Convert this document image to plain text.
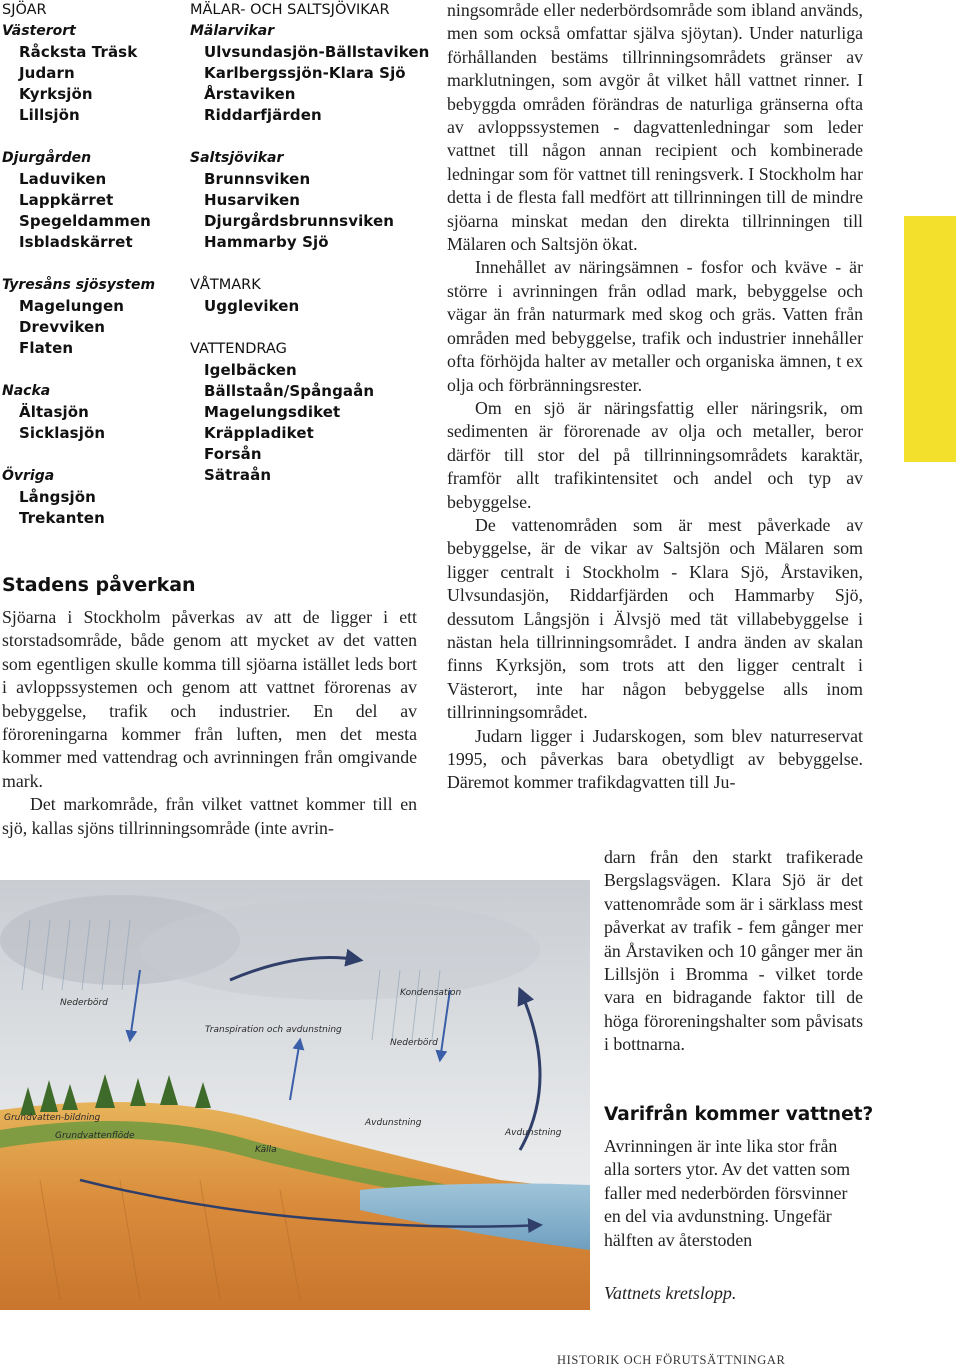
SJÖAR
Västerort
Råcksta Träsk
Judarn
Kyrksjön
Lillsjön
Djurgården
Laduviken
Lappkärret
Spegeldammen
Isbladskärret
Tyresåns sjösystem
Magelungen
Drevviken
Flaten
Nacka
Ältasjön
Sicklasjön
Övriga
Långsjön
Trekanten
MÄLAR- OCH SALTSJÖVIKAR
Mälarvikar
Ulvsundasjön-Bällstaviken
Karlbergssjön-Klara Sjö
Årstaviken
Riddarfjärden
Saltsjövikar
Brunnsviken
Husarviken
Djurgårdsbrunnsviken
Hammarby Sjö
VÅTMARK
Uggleviken
VATTENDRAG
Igelbäcken
Bällstaån/Spångaån
Magelungsdiket
Kräppladiket
Forsån
Sätraån
Stadens påverkan

Sjöarna i Stockholm påverkas av att de ligger i ett storstadsområde, både genom att mycket av det vatten som egentligen skulle komma till sjöarna istället leds bort i avloppssystemen och genom att vattnet förorenas av bebyggelse, trafik och industrier. En del av föroreningarna kommer från luften, men det mesta kommer med vattendrag och avrinningen från omgivande mark.

Det markområde, från vilket vattnet kommer till en sjö, kallas sjöns tillrinningsområde (inte avrin-

ningsområde eller nederbördsområde som ibland används, men som också omfattar själva sjöytan). Under naturliga förhållanden bestäms tillrinningsområdets gränser av marklutningen, som avgör åt vilket håll vattnet rinner. I bebyggda områden förändras de naturliga gränserna ofta av avloppssystemen - dagvattenledningar som leder vattnet till någon annan recipient och kombinerade ledningar som för vattnet till reningsverk. I Stockholm har detta i de flesta fall medfört att tillrinningen till de mindre sjöarna minskat medan den direkta tillrinningen till Mälaren och Saltsjön ökat.

Innehållet av näringsämnen - fosfor och kväve - är större i avrinningen från odlad mark, bebyggelse och vägar än från naturmark med skog och gräs. Vatten från områden med bebyggelse, trafik och industrier innehåller ofta förhöjda halter av metaller och organiska ämnen, t ex olja och förbränningsrester.

Om en sjö är näringsfattig eller näringsrik, om sedimenten är förorenade av olja och metaller, beror därför till stor del på tillrinningsområdets karaktär, framför allt trafikintensitet och andel och typ av bebyggelse.

De vattenområden som är mest påverkade av bebyggelse, är de vikar av Saltsjön och Mälaren som ligger centralt i Stockholm - Klara Sjö, Årstaviken, Ulvsundasjön, Riddarfjärden och Hammarby Sjö, dessutom Långsjön i Älvsjö med tät villabebyggelse i nästan hela tillrinningsområdet. I andra änden av skalan finns Kyrksjön, som trots att den ligger centralt i Västerort, inte har någon bebyggelse alls inom tillrinningsområdet.

Judarn ligger i Judarskogen, som blev naturreservat 1995, och påverkas bara obetydligt av bebyggelse. Däremot kommer trafikdagvatten till Ju-

darn från den starkt trafikerade Bergslagsvägen. Klara Sjö är det vattenområde som är i särklass mest påverkat av trafik - fem gånger mer än Årstaviken och 10 gånger mer än Lillsjön i Bromma - vilket torde vara en bidragande faktor till de höga föroreningshalter som påvisats i bottnarna.

Nederbörd
Kondensation
Transpiration och avdunstning
Nederbörd
Grundvatten-bildning
Grundvattenflöde
Avdunstning
Källa
Avdunstning
Varifrån kommer vattnet?

Avrinningen är inte lika stor från alla sorters ytor. Av det vatten som faller med nederbörden försvinner en del via avdunstning. Ungefär hälften av återstoden

Vattnets kretslopp.
HISTORIK OCH FÖRUTSÄTTNINGAR
